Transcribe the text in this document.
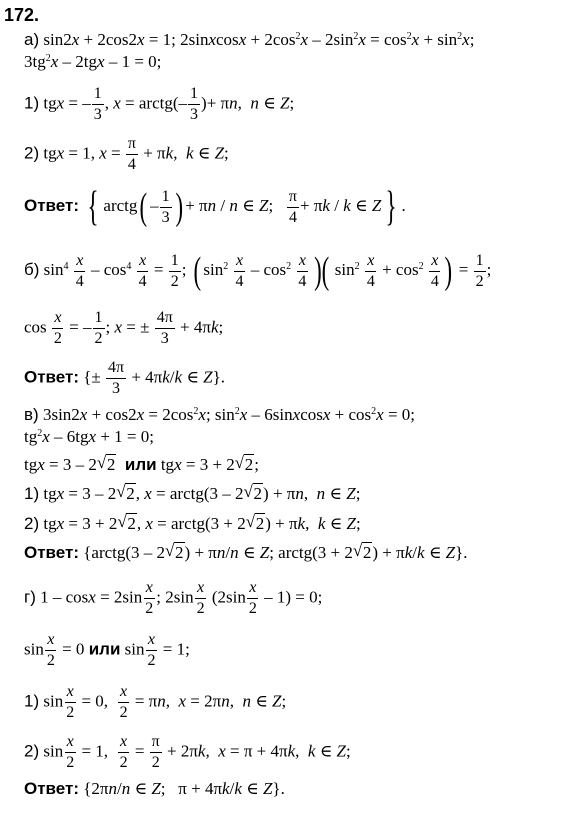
172.
а) sin2x + 2cos2x = 1; 2sinxcosx + $2\cos^2x - 2\sin^2x = \cos^2x + \sin^2x$;
$3tg^2x - 2tgx - 1 = 0$;
1) tgx = – $\frac{1}{3}$ , x = arctg(– $\frac{1}{3}$ )+ πn,  n ∈ Z;
2) tgx = 1, $x = \frac{\pi}{4} + \pi k$,  k ∈ Z;
Ответ: { arctg( – $\frac{1}{3}$ ) + πn / n ∈ Z; $\frac{\pi}{4} + \pi k / k$ ∈ Z } .
б) $\sin^4 \frac{x}{4} - \cos^4 \frac{x}{4} = \frac{1}{2}$ ; ( $\sin^2 \frac{x}{4} - \cos^2 \frac{x}{4}$ )( $\sin^2 \frac{x}{4} + \cos^2 \frac{x}{4}$ ) = $\frac{1}{2}$ ;
$\cos \frac{x}{2}$ = – $\frac{1}{2}$ ; x = ± $\frac{4\pi}{3} + 4\pi k$;
Ответ: {± $\frac{4\pi}{3} + 4\pi k/k$ ∈ Z}.
в) $3\sin 2x + \cos 2x = 2\cos^2x$; $\sin^2x$ – 6sinxcosx + $\cos^2x = 0$;
$tg^2x - 6tgx + 1 = 0$;
tgx = 3 – 2 √ 2 или tgx = 3 + 2 √ 2;
1) tgx = 3 – 2 √ 2, x = arctg(3 – 2 √ 2) + πn,  n ∈ Z;
2) tgx = 3 + 2 √ 2, x = arctg(3 + 2 √ 2) + πk,  k ∈ Z;
Ответ: {arctg(3 – 2 √ 2) + πn/n ∈ Z; arctg(3 + 2 √ 2) + πk/k ∈ Z}.
г) $1 - \cos x = 2\sin \frac{x}{2}$ ; $2\sin \frac{x}{2} (2\sin \frac{x}{2} - 1) = 0$;
$\sin \frac{x}{2} = 0$ или $\sin \frac{x}{2} = 1$;
1) $\sin \frac{x}{2} = 0$, $\frac{x}{2} = \pi n$,  x = 2πn,  n ∈ Z;
2) $\sin \frac{x}{2} = 1$, $\frac{x}{2} = \frac{\pi}{2} + 2\pi k$,  x = π + 4πk,  k ∈ Z;
Ответ: {2πn/n ∈ Z;   π + 4πk/k ∈ Z}.
